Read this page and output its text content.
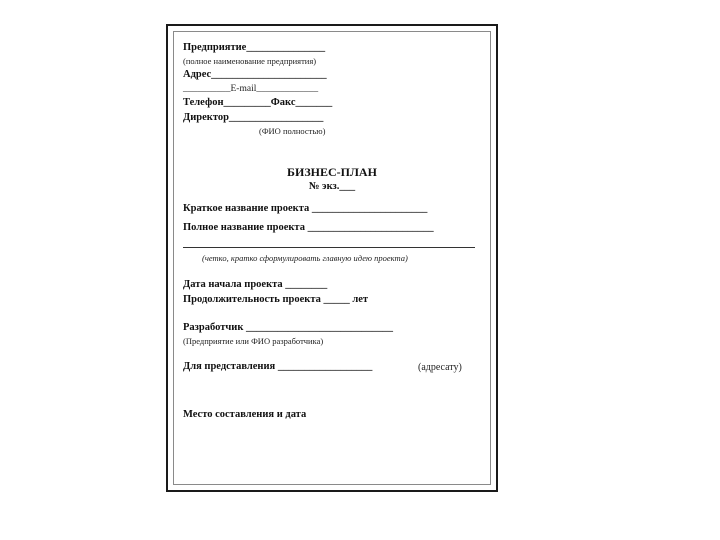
Предприятие_______________
(полное наименование предприятия)
Адрес______________________
__________E-mail_____________
Телефон_________Факс_______
Директор__________________
(ФИО полностью)
БИЗНЕС-ПЛАН
№ экз.___
Краткое название проекта ______________________
Полное название проекта ________________________
(четко, кратко сформулировать главную идею проекта)
Дата начала проекта ________
Продолжительность проекта _____ лет
Разработчик ____________________________
(Предприятие или ФИО разработчика)
Для представления __________________	(адресату)
Место составления и дата
